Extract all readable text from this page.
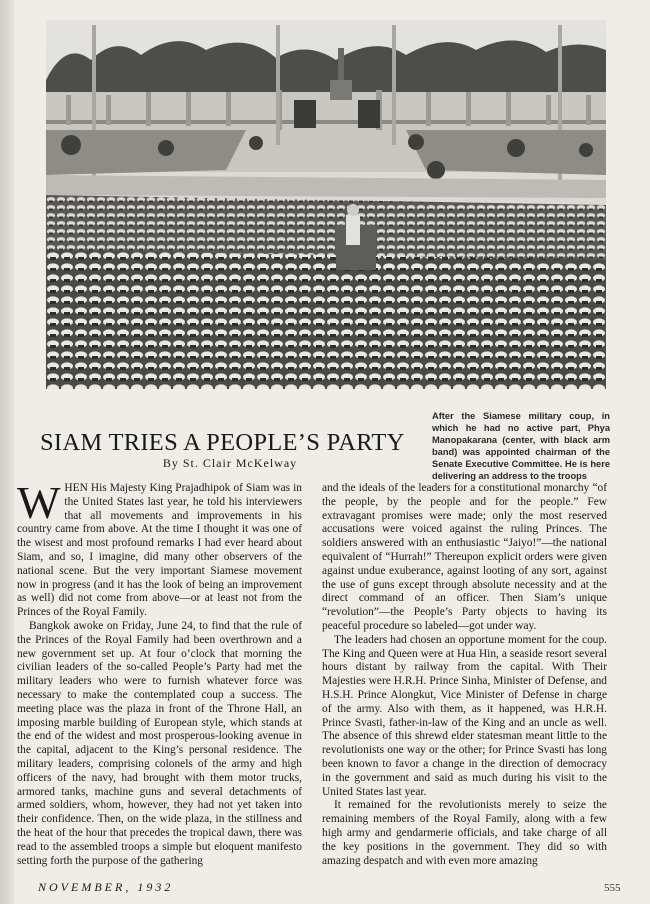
SIAM TRIES A PEOPLE’S PARTY
By St. Clair McKelway
After the Siamese military coup, in which he had no active part, Phya Manopakarana (center, with black arm band) was appointed chairman of the Senate Executive Committee. He is here delivering an address to the troops

WHEN His Majesty King Prajadhipok of Siam was in the United States last year, he told his interviewers that all movements and improvements in his country came from above. At the time I thought it was one of the wisest and most profound remarks I had ever heard about Siam, and so, I imagine, did many other observers of the national scene. But the very important Siamese movement now in progress (and it has the look of being an improvement as well) did not come from above—or at least not from the Princes of the Royal Family.

Bangkok awoke on Friday, June 24, to find that the rule of the Princes of the Royal Family had been overthrown and a new government set up. At four o’clock that morning the civilian leaders of the so-called People’s Party had met the military leaders who were to furnish whatever force was necessary to make the contemplated coup a success. The meeting place was the plaza in front of the Throne Hall, an imposing marble building of European style, which stands at the end of the widest and most prosperous-looking avenue in the capital, adjacent to the King’s personal residence. The military leaders, comprising colonels of the army and high officers of the navy, had brought with them motor trucks, armored tanks, machine guns and several detachments of armed soldiers, whom, however, they had not yet taken into their confidence. Then, on the wide plaza, in the stillness and the heat of the hour that precedes the tropical dawn, there was read to the assembled troops a simple but eloquent manifesto setting forth the purpose of the gathering

and the ideals of the leaders for a constitutional monarchy “of the people, by the people and for the people.” Few extravagant promises were made; only the most reserved accusations were voiced against the ruling Princes. The soldiers answered with an enthusiastic “Jaiyo!”—the national equivalent of “Hurrah!” Thereupon explicit orders were given against undue exuberance, against looting of any sort, against the use of guns except through absolute necessity and at the direct command of an officer. Then Siam’s unique “revolution”—the People’s Party objects to having its peaceful procedure so labeled—got under way.

The leaders had chosen an opportune moment for the coup. The King and Queen were at Hua Hin, a seaside resort several hours distant by railway from the capital. With Their Majesties were H.R.H. Prince Sinha, Minister of Defense, and H.S.H. Prince Alongkut, Vice Minister of Defense in charge of the army. Also with them, as it happened, was H.R.H. Prince Svasti, father-in-law of the King and an uncle as well. The absence of this shrewd elder statesman meant little to the revolutionists one way or the other; for Prince Svasti has long been known to favor a change in the direction of democracy in the government and said as much during his visit to the United States last year.

It remained for the revolutionists merely to seize the remaining members of the Royal Family, along with a few high army and gendarmerie officials, and take charge of all the key positions in the government. They did so with amazing despatch and with even more amazing

NOVEMBER, 1932	555
